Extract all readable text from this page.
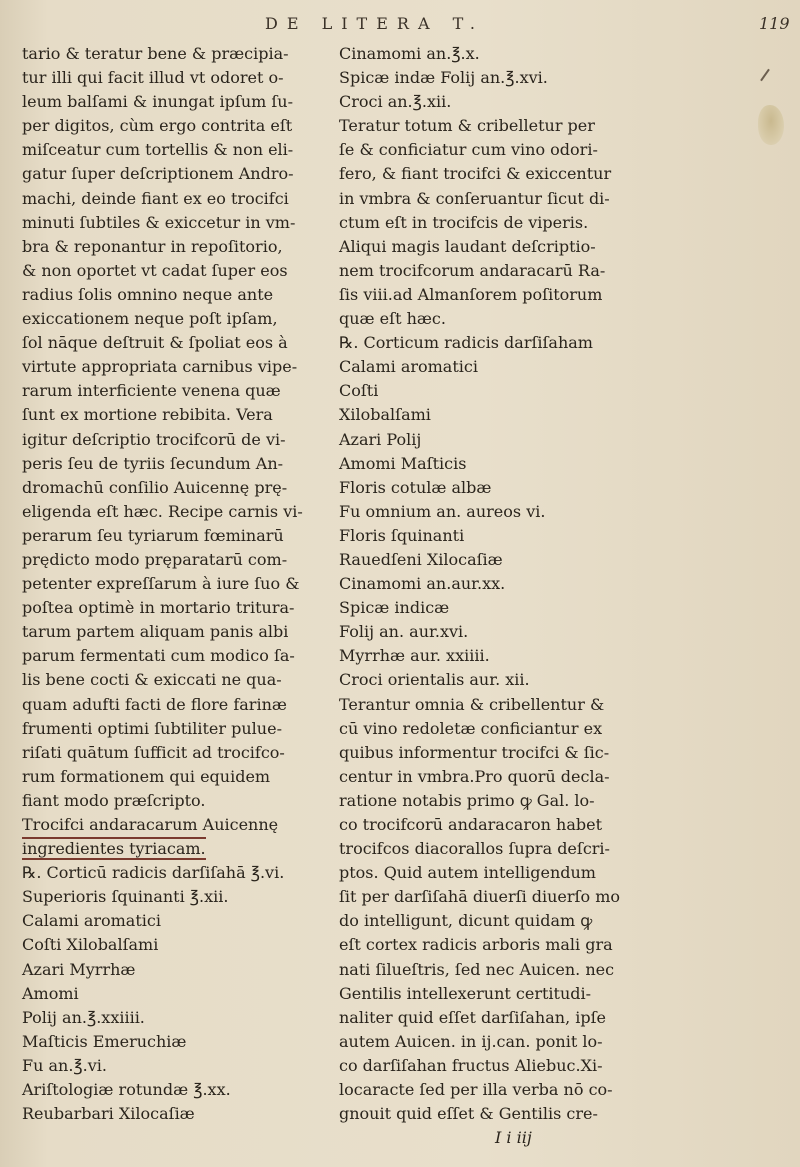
DE LITERA T.	119
tario & teratur bene & præcipia-
tur illi qui facit illud vt odoret o-
leum balſami & inungat ipſum ſu-
per digitos, cùm ergo contrita eſt
miſceatur cum tortellis & non eli-
gatur ſuper deſcriptionem Andro-
machi, deinde fiant ex eo trocifci
minuti ſubtiles & exiccetur in vm-
bra & reponantur in repoſitorio,
& non oportet vt cadat ſuper eos
radius ſolis omnino neque ante
exiccationem neque poſt ipſam,
ſol nāque deſtruit & ſpoliat eos à
virtute appropriata carnibus vipe-
rarum interficiente venena quæ
ſunt ex mortione rebibita. Vera
igitur deſcriptio trocifcorū de vi-
peris ſeu de tyriis ſecundum An-
dromachū conſilio Auicennę prę-
eligenda eſt hæc. Recipe carnis vi-
perarum ſeu tyriarum fœminarū
prędicto modo pręparatarū com-
petenter expreſſarum à iure ſuo &
poſtea optimè in mortario tritura-
tarum partem aliquam panis albi
parum fermentati cum modico ſa-
lis bene cocti & exiccati ne qua-
quam adufti facti de flore farinæ
frumenti optimi ſubtiliter pulue-
riſati quātum ſufficit ad trocifco-
rum formationem qui equidem
fiant modo præſcripto.
Trocifci andaracarum Auicennę
ingredientes tyriacam.
℞. Corticū radicis darſiſahā ℥.vi.
Superioris ſquinanti ℥.xii.
Calami aromatici
Coſti Xilobalſami
Azari Myrrhæ
Amomi
Polij an.℥.xxiiii.
Maſticis Emeruchiæ
Fu an.℥.vi.
Ariſtologiæ rotundæ ℥.xx.
Reubarbari Xilocaſiæ
Cinamomi an.℥.x.
Spicæ indæ Folij an.℥.xvi.
Croci an.℥.xii.
Teratur totum & cribelletur per
ſe & conficiatur cum vino odori-
fero, & fiant trocifci & exiccentur
in vmbra & conſeruantur ſicut di-
ctum eſt in trocifcis de viperis.
Aliqui magis laudant deſcriptio-
nem trocifcorum andaracarū Ra-
ſis viii.ad Almanſorem poſitorum
quæ eſt hæc.
℞. Corticum radicis darſiſaham
Calami aromatici
Coſti
Xilobalſami
Azari Polij
Amomi Maſticis
Floris cotulæ albæ
Fu omnium an. aureos vi.
Floris ſquinanti
Rauedſeni Xilocaſiæ
Cinamomi an.aur.xx.
Spicæ indicæ
Folij an. aur.xvi.
Myrrhæ aur. xxiiii.
Croci orientalis aur. xii.
Terantur omnia & cribellentur &
cū vino redoletæ conficiantur ex
quibus informentur trocifci & ſic-
centur in vmbra.Pro quorū decla-
ratione notabis primo ꝙ Gal. lo-
co trocifcorū andaracaron habet
trocifcos diacorallos ſupra deſcri-
ptos. Quid autem intelligendum
ſit per darſiſahā diuerſi diuerſo mo
do intelligunt, dicunt quidam ꝙ
eſt cortex radicis arboris mali gra
nati ſilueſtris, ſed nec Auicen. nec
Gentilis intellexerunt certitudi-
naliter quid eſſet darſiſahan, ipſe
autem Auicen. in ij.can. ponit lo-
co darſiſahan fructus Aliebuc.Xi-
locaracte ſed per illa verba nō co-
gnouit quid eſſet & Gentilis cre-
I i iij
